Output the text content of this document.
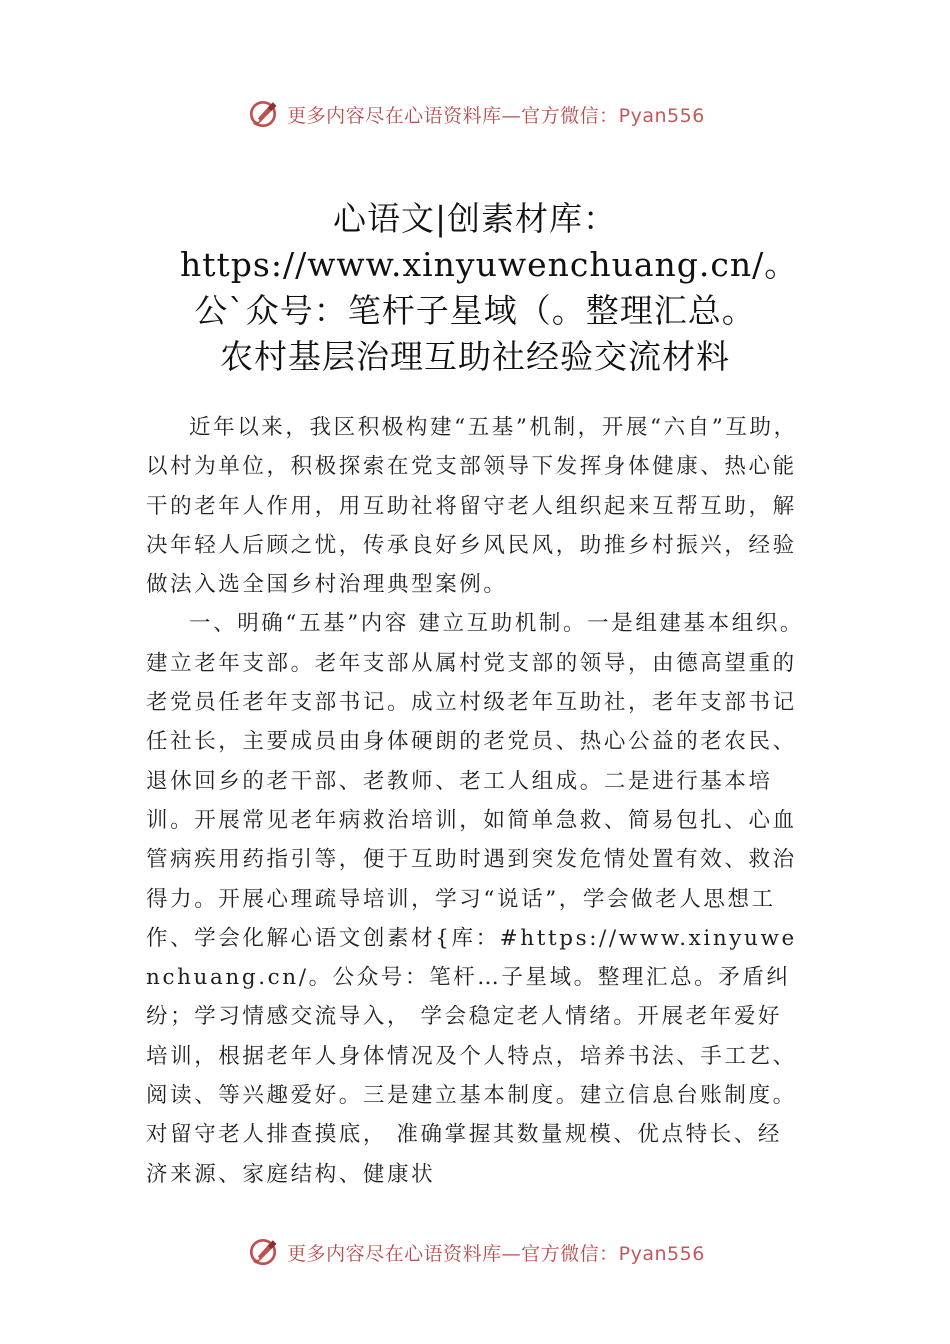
更多内容尽在心语资料库—官方微信：Pyan556
心语文|创素材库：https://www.xinyuwenchuang.cn/。公`众号：笔杆子星域（。整理汇总。农村基层治理互助社经验交流材料

近年以来，我区积极构建“五基”机制，开展“六自”互助，以村为单位，积极探索在党支部领导下发挥身体健康、热心能干的老年人作用，用互助社将留守老人组织起来互帮互助，解决年轻人后顾之忧，传承良好乡风民风，助推乡村振兴，经验做法入选全国乡村治理典型案例。

一、明确“五基”内容 建立互助机制。一是组建基本组织。建立老年支部。老年支部从属村党支部的领导，由德高望重的老党员任老年支部书记。成立村级老年互助社，老年支部书记任社长，主要成员由身体硬朗的老党员、热心公益的老农民、退休回乡的老干部、老教师、老工人组成。二是进行基本培训。开展常见老年病救治培训，如简单急救、简易包扎、心血管病疾用药指引等，便于互助时遇到突发危情处置有效、救治得力。开展心理疏导培训，学习“说话”，学会做老人思想工作、学会化解心语文创素材{库：#https://www.xinyuwenchuang.cn/。公众号：笔杆…子星域。整理汇总。矛盾纠纷；学习情感交流导入， 学会稳定老人情绪。开展老年爱好培训，根据老年人身体情况及个人特点，培养书法、手工艺、阅读、等兴趣爱好。三是建立基本制度。建立信息台账制度。对留守老人排查摸底， 准确掌握其数量规模、优点特长、经济来源、家庭结构、健康状

更多内容尽在心语资料库—官方微信：Pyan556
